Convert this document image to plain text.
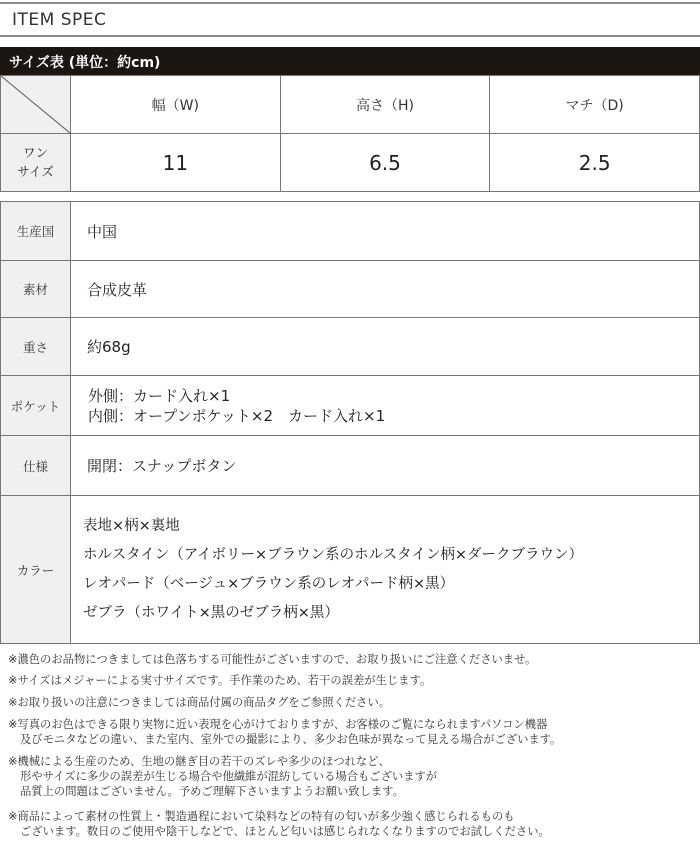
ITEM SPEC
サイズ表 (単位：約cm)
	幅（W)	高さ（H)	マチ（D)
ワン
サイズ	11	6.5	2.5
生産国	中国
素材	合成皮革
重さ	約68g
ポケット	外側：カード入れ×1
内側：オープンポケット×2　カード入れ×1

仕様	開閉：スナップボタン
カラー	表地×柄×裏地
ホルスタイン（アイボリー×ブラウン系のホルスタイン柄×ダークブラウン）
レオパード（ベージュ×ブラウン系のレオパード柄×黒）
ゼブラ（ホワイト×黒のゼブラ柄×黒）
※濃色のお品物につきましては色落ちする可能性がございますので、お取り扱いにご注意くださいませ。
※サイズはメジャーによる実寸サイズです。手作業のため、若干の誤差が生じます。
※お取り扱いの注意につきましては商品付属の商品タグをご参照ください。
※写真のお色はできる限り実物に近い表現を心がけておりますが、お客様のご覧になられますパソコン機器
及びモニタなどの違い、また室内、室外での撮影により、多少お色味が異なって見える場合がございます。
※機械による生産のため、生地の継ぎ目の若干のズレや多少のほつれなど、
形やサイズに多少の誤差が生じる場合や他繊維が混紡している場合もございますが
品質上の問題はございません。予めご理解下さいますようお願い致します。
※商品によって素材の性質上・製造過程において染料などの特有の匂いが多少強く感じられるものも
ございます。数日のご使用や陰干しなどで、ほとんど匂いは感じられなくなりますのでお試しください。
